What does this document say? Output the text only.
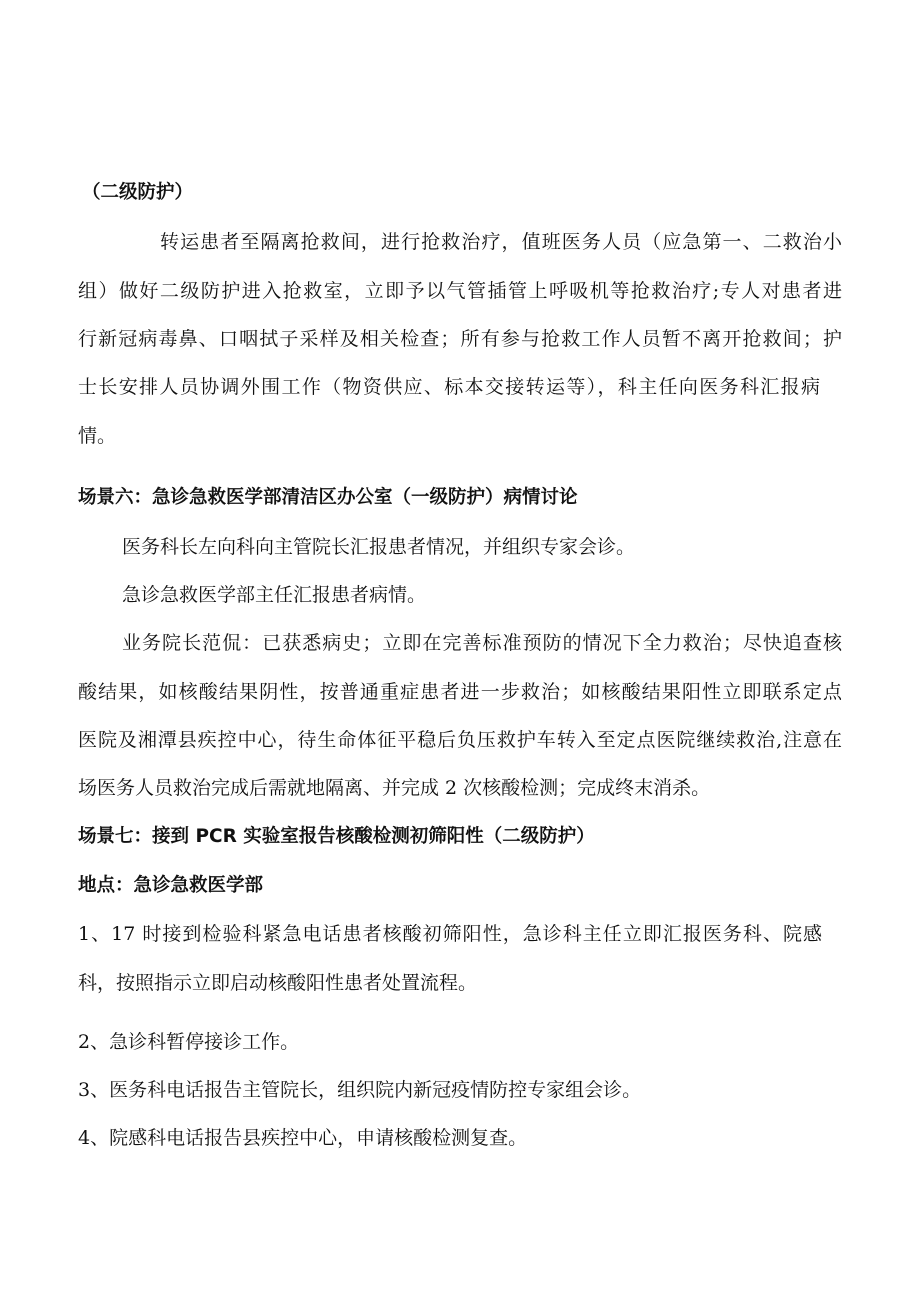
（二级防护）
转运患者至隔离抢救间，进行抢救治疗，值班医务人员（应急第一、二救治小
组）做好二级防护进入抢救室，立即予以气管插管上呼吸机等抢救治疗;专人对患者进
行新冠病毒鼻、口咽拭子采样及相关检查；所有参与抢救工作人员暂不离开抢救间；护
士长安排人员协调外围工作（物资供应、标本交接转运等），科主任向医务科汇报病
情。
场景六：急诊急救医学部清洁区办公室（一级防护）病情讨论
医务科长左向科向主管院长汇报患者情况，并组织专家会诊。
急诊急救医学部主任汇报患者病情。
业务院长范侃：已获悉病史；立即在完善标准预防的情况下全力救治；尽快追查核
酸结果，如核酸结果阴性，按普通重症患者进一步救治；如核酸结果阳性立即联系定点
医院及湘潭县疾控中心，待生命体征平稳后负压救护车转入至定点医院继续救治,注意在
场医务人员救治完成后需就地隔离、并完成 2 次核酸检测；完成终末消杀。
场景七：接到 PCR 实验室报告核酸检测初筛阳性（二级防护）
地点：急诊急救医学部
1、17 时接到检验科紧急电话患者核酸初筛阳性，急诊科主任立即汇报医务科、院感
科，按照指示立即启动核酸阳性患者处置流程。
2、急诊科暂停接诊工作。
3、医务科电话报告主管院长，组织院内新冠疫情防控专家组会诊。
4、院感科电话报告县疾控中心，申请核酸检测复查。
